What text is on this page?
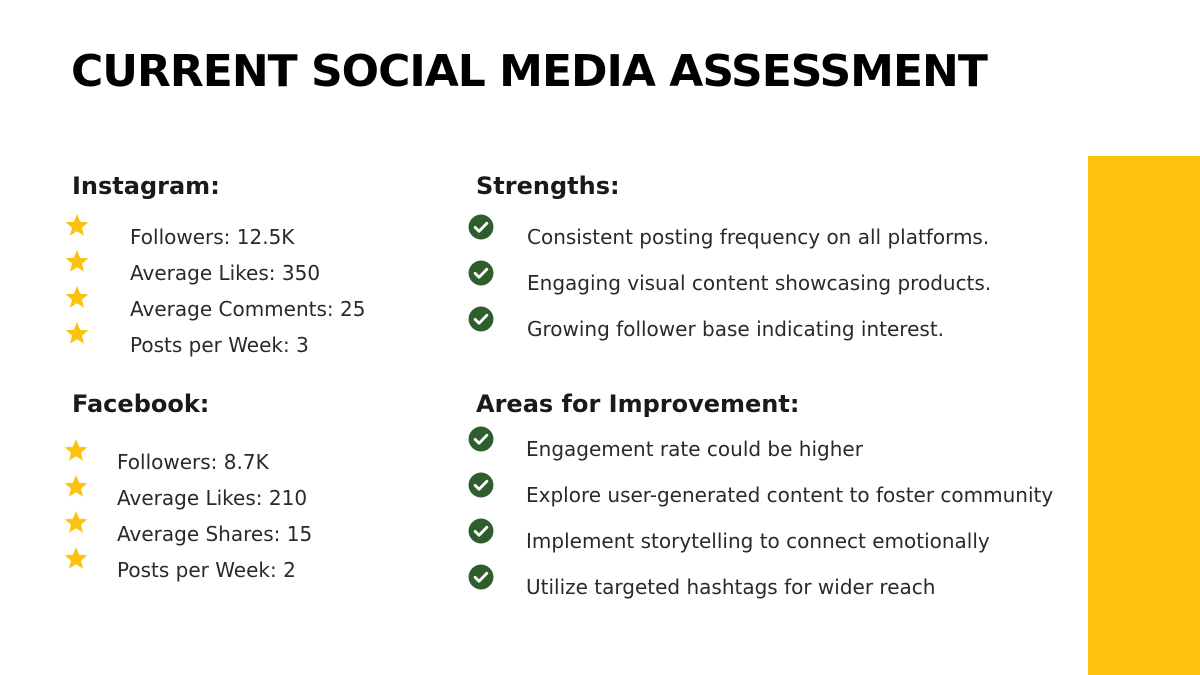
CURRENT SOCIAL MEDIA ASSESSMENT
Instagram:
Followers: 12.5K
Average Likes: 350
Average Comments: 25
Posts per Week: 3
Facebook:
Followers: 8.7K
Average Likes: 210
Average Shares: 15
Posts per Week: 2
Strengths:
Consistent posting frequency on all platforms.
Engaging visual content showcasing products.
Growing follower base indicating interest.
Areas for Improvement:
Engagement rate could be higher
Explore user-generated content to foster community
Implement storytelling to connect emotionally
Utilize targeted hashtags for wider reach
